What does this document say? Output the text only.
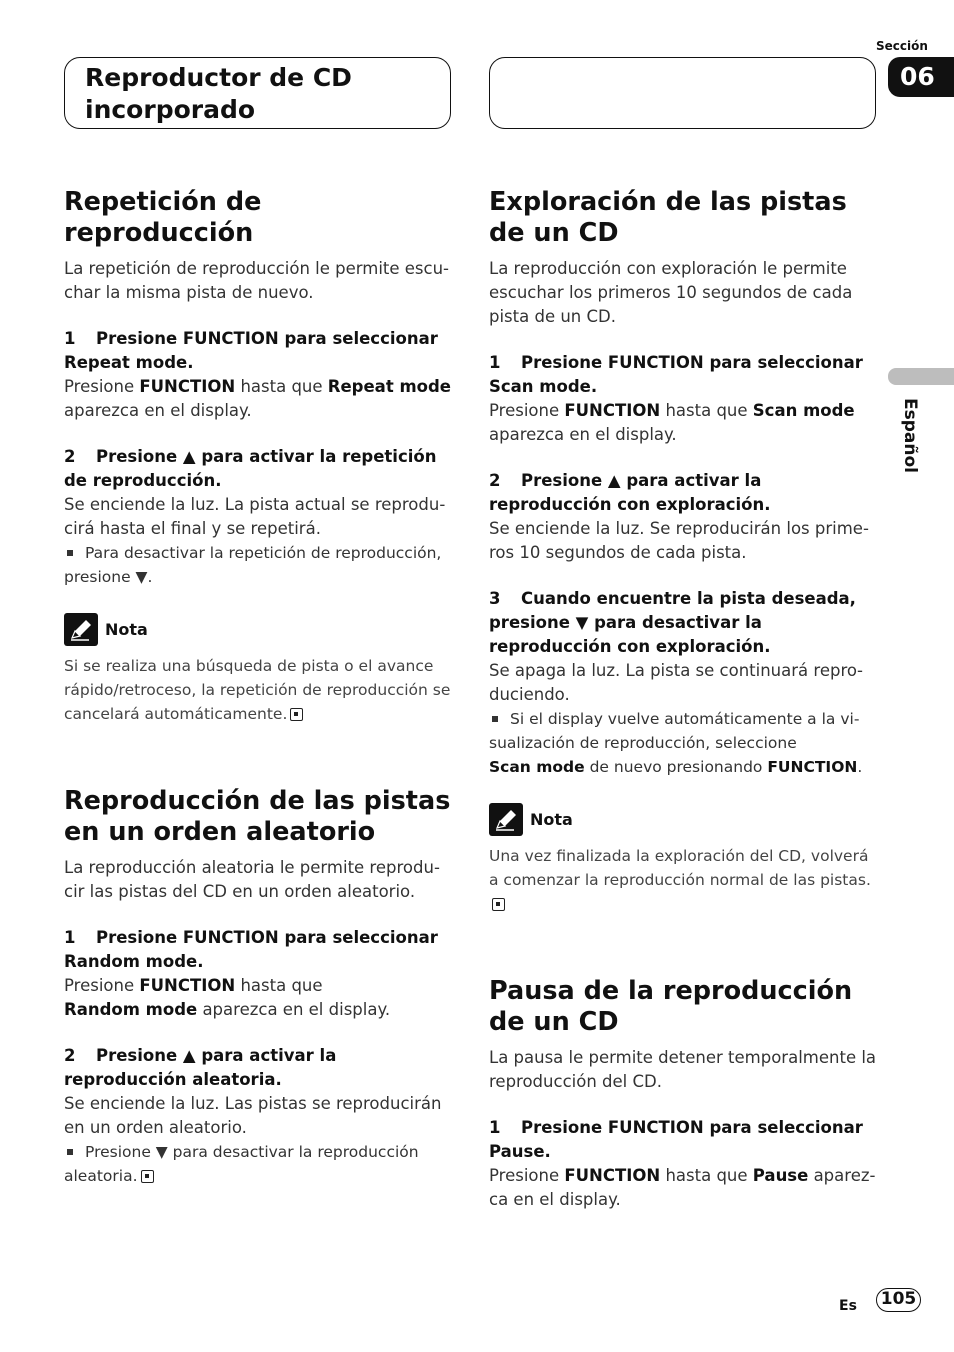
Reproductor de CD incorporado
Sección
06
Español
Repetición de reproducción

La repetición de reproducción le permite escuchar la misma pista de nuevo.

1 Presione FUNCTION para seleccionar Repeat mode.

Presione FUNCTION hasta que Repeat mode aparezca en el display.

2 Presione ▲ para activar la repetición de reproducción.

Se enciende la luz. La pista actual se reproducirá hasta el final y se repetirá.

Para desactivar la repetición de reproducción, presione ▼.

Nota

Si se realiza una búsqueda de pista o el avance rápido/retroceso, la repetición de reproducción se cancelará automáticamente.

Reproducción de las pistas en un orden aleatorio

La reproducción aleatoria le permite reproducir las pistas del CD en un orden aleatorio.

1 Presione FUNCTION para seleccionar Random mode.

Presione FUNCTION hasta que
Random mode aparezca en el display.

2 Presione ▲ para activar la reproducción aleatoria.

Se enciende la luz. Las pistas se reproducirán en un orden aleatorio.

Presione ▼ para desactivar la reproducción aleatoria.

Exploración de las pistas de un CD

La reproducción con exploración le permite escuchar los primeros 10 segundos de cada pista de un CD.

1 Presione FUNCTION para seleccionar Scan mode.

Presione FUNCTION hasta que Scan mode aparezca en el display.

2 Presione ▲ para activar la reproducción con exploración.

Se enciende la luz. Se reproducirán los primeros 10 segundos de cada pista.

3 Cuando encuentre la pista deseada, presione ▼ para desactivar la reproducción con exploración.

Se apaga la luz. La pista se continuará reproduciendo.

Si el display vuelve automáticamente a la visualización de reproducción, seleccione
Scan mode de nuevo presionando FUNCTION.

Nota

Una vez finalizada la exploración del CD, volverá a comenzar la reproducción normal de las pistas.

Pausa de la reproducción de un CD

La pausa le permite detener temporalmente la reproducción del CD.

1 Presione FUNCTION para seleccionar Pause.

Presione FUNCTION hasta que Pause aparezca en el display.

Es 105
